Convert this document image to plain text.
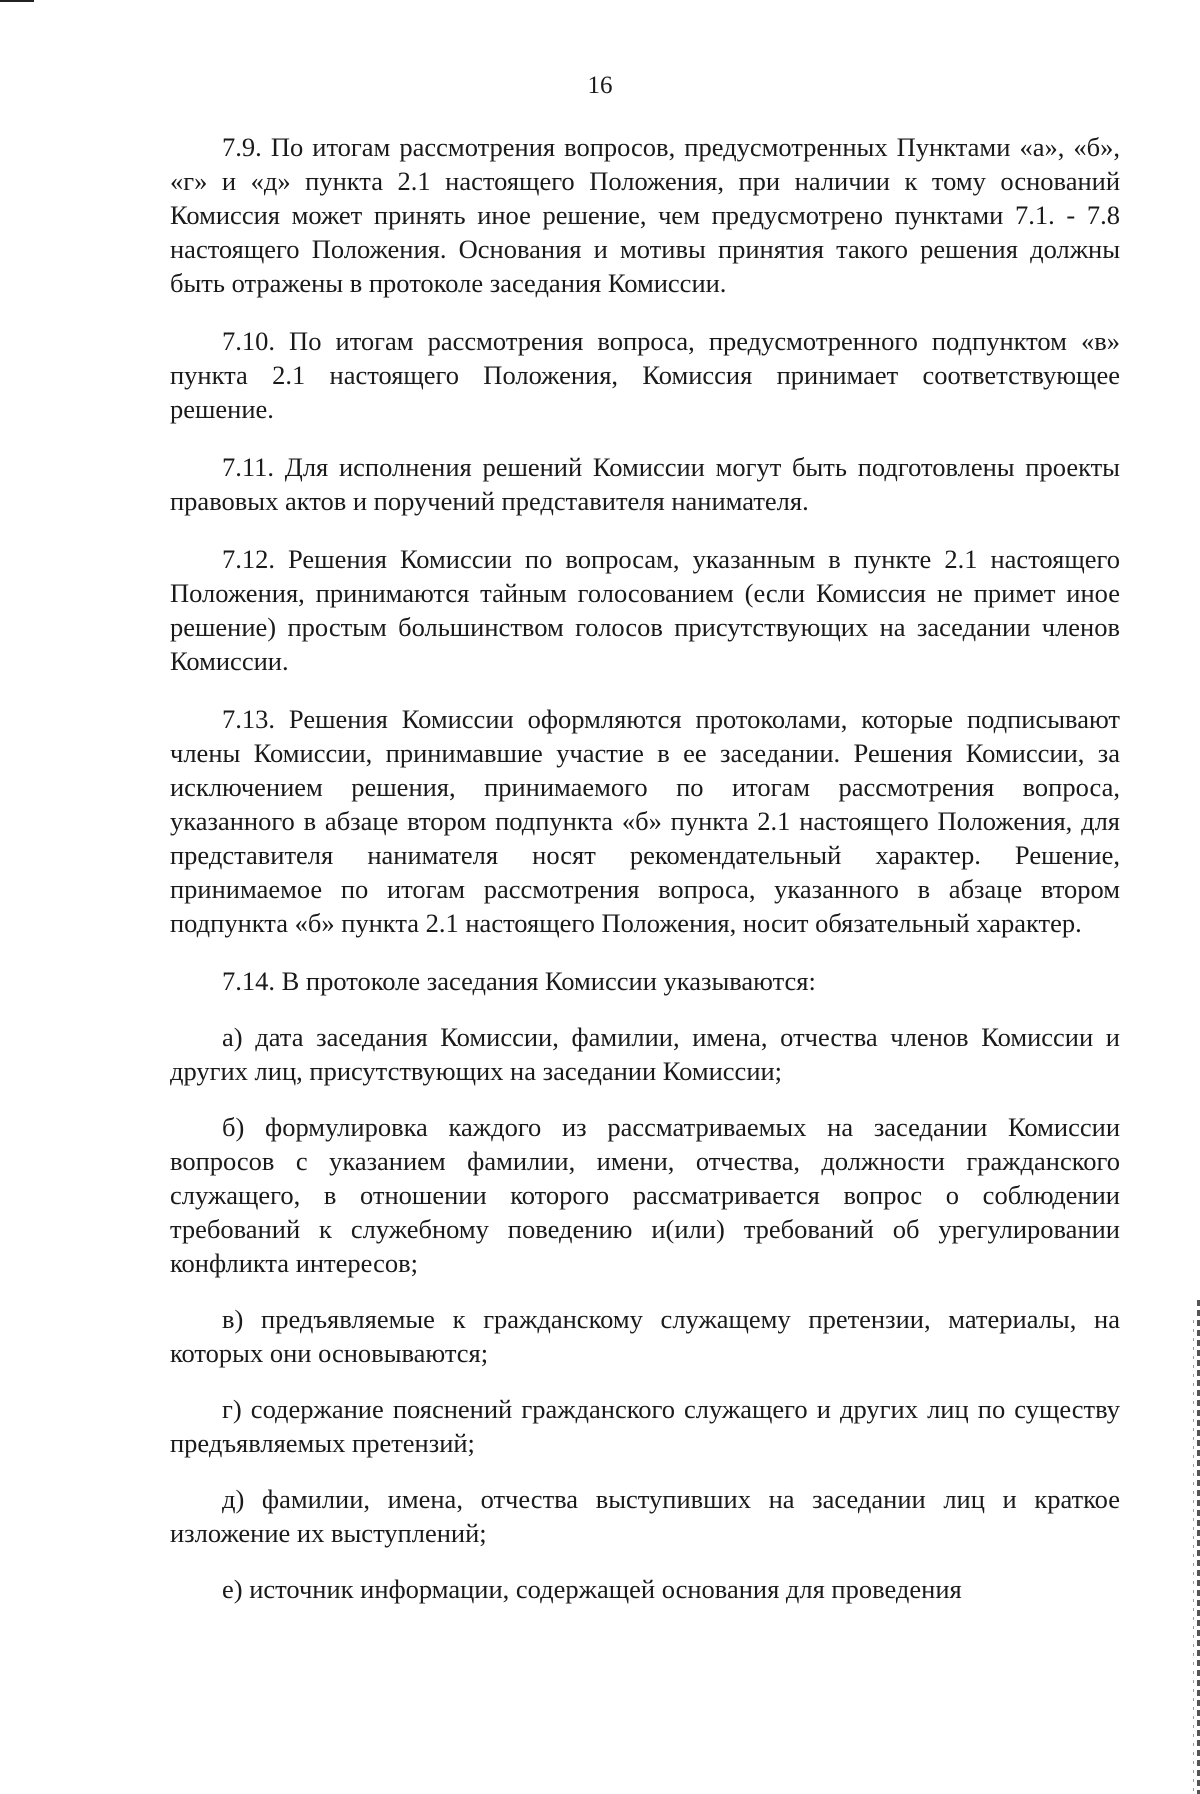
16

7.9. По итогам рассмотрения вопросов, предусмотренных Пунктами «а», «б», «г» и «д» пункта 2.1 настоящего Положения, при наличии к тому оснований Комиссия может принять иное решение, чем предусмотрено пунктами 7.1. - 7.8 настоящего Положения. Основания и мотивы принятия такого решения должны быть отражены в протоколе заседания Комиссии.

7.10. По итогам рассмотрения вопроса, предусмотренного подпунктом «в» пункта 2.1 настоящего Положения, Комиссия принимает соответствующее решение.

7.11. Для исполнения решений Комиссии могут быть подготовлены проекты правовых актов и поручений представителя нанимателя.

7.12. Решения Комиссии по вопросам, указанным в пункте 2.1 настоящего Положения, принимаются тайным голосованием (если Комиссия не примет иное решение) простым большинством голосов присутствующих на заседании членов Комиссии.

7.13. Решения Комиссии оформляются протоколами, которые подписывают члены Комиссии, принимавшие участие в ее заседании. Решения Комиссии, за исключением решения, принимаемого по итогам рассмотрения вопроса, указанного в абзаце втором подпункта «б» пункта 2.1 настоящего Положения, для представителя нанимателя носят рекомендательный характер. Решение, принимаемое по итогам рассмотрения вопроса, указанного в абзаце втором подпункта «б» пункта 2.1 настоящего Положения, носит обязательный характер.

7.14. В протоколе заседания Комиссии указываются:

а) дата заседания Комиссии, фамилии, имена, отчества членов Комиссии и других лиц, присутствующих на заседании Комиссии;

б) формулировка каждого из рассматриваемых на заседании Комиссии вопросов с указанием фамилии, имени, отчества, должности гражданского служащего, в отношении которого рассматривается вопрос о соблюдении требований к служебному поведению и(или) требований об урегулировании конфликта интересов;

в) предъявляемые к гражданскому служащему претензии, материалы, на которых они основываются;

г) содержание пояснений гражданского служащего и других лиц по существу предъявляемых претензий;

д) фамилии, имена, отчества выступивших на заседании лиц и краткое изложение их выступлений;

е) источник информации, содержащей основания для проведения
